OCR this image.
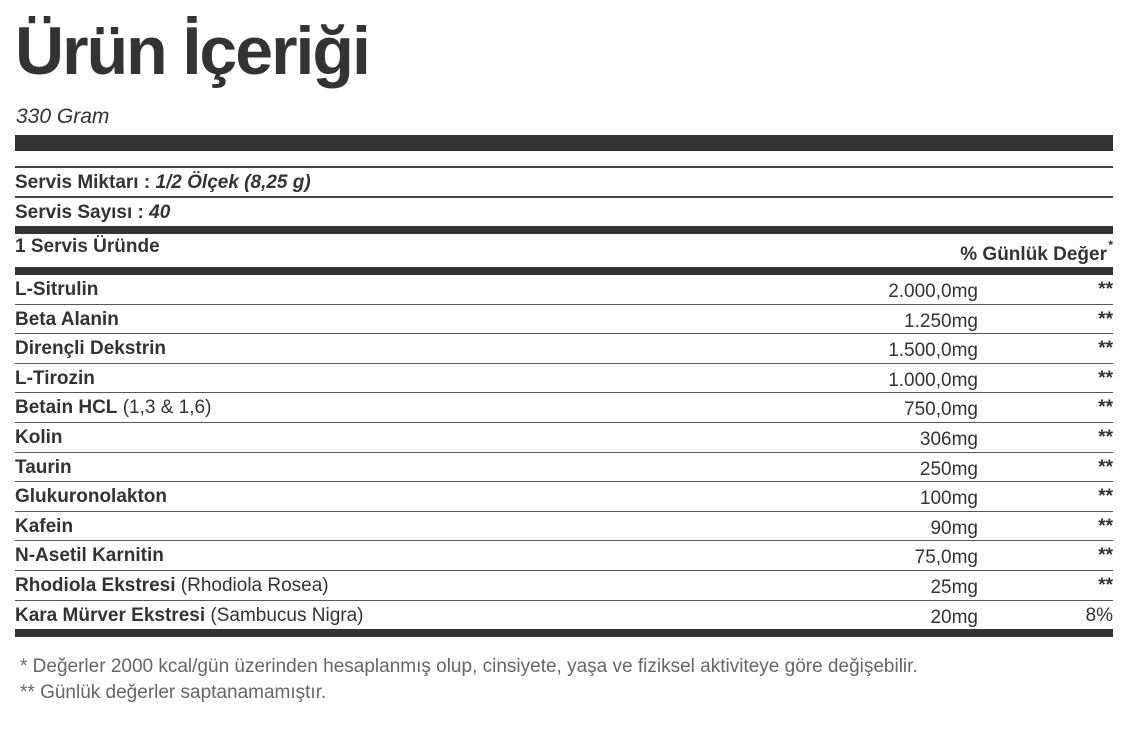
Ürün İçeriği
330 Gram
Servis Miktarı : 1/2 Ölçek (8,25 g)
Servis Sayısı : 40
1 Servis Üründe	% Günlük Değer *
L-Sitrulin	2.000,0mg	**
Beta Alanin	1.250mg	**
Dirençli Dekstrin	1.500,0mg	**
L-Tirozin	1.000,0mg	**
Betain HCL (1,3 & 1,6)	750,0mg	**
Kolin	306mg	**
Taurin	250mg	**
Glukuronolakton	100mg	**
Kafein	90mg	**
N-Asetil Karnitin	75,0mg	**
Rhodiola Ekstresi (Rhodiola Rosea)	25mg	**
Kara Mürver Ekstresi (Sambucus Nigra)	20mg	8%
* Değerler 2000 kcal/gün üzerinden hesaplanmış olup, cinsiyete, yaşa ve fiziksel aktiviteye göre değişebilir.
** Günlük değerler saptanamamıştır.
